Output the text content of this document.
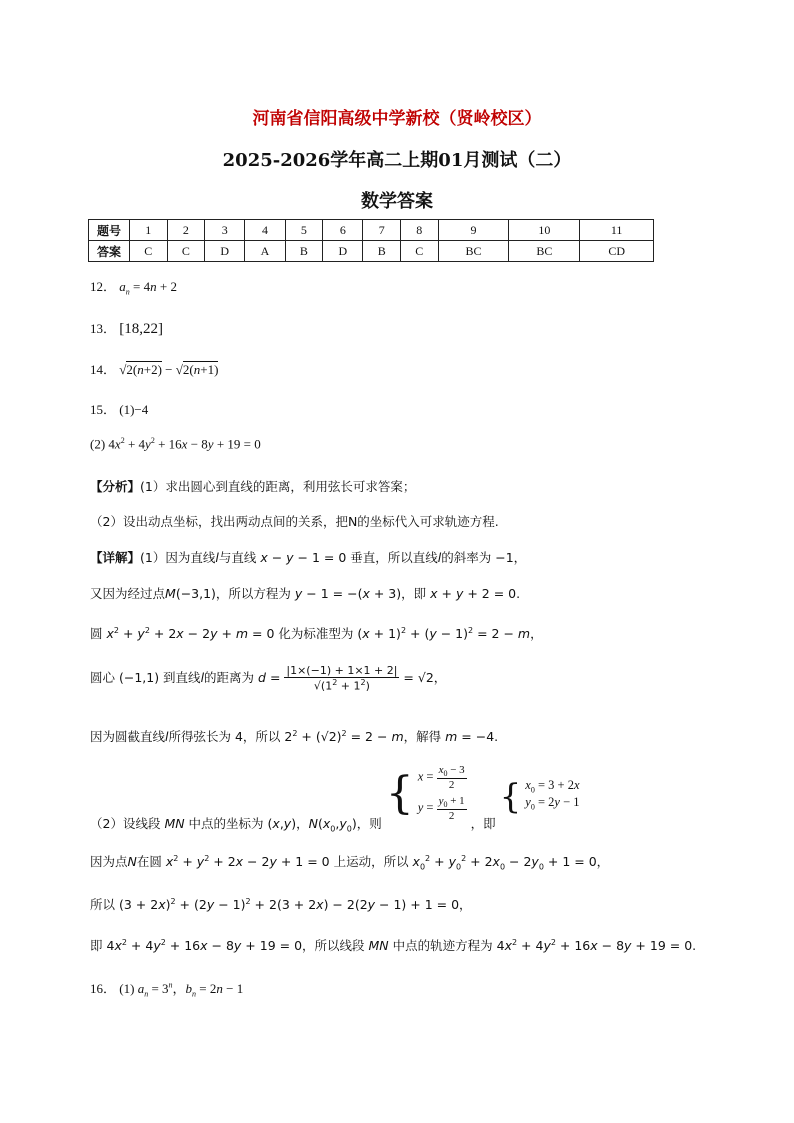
河南省信阳高级中学新校（贤岭校区）
2025-2026学年高二上期01月测试（二）
数学答案
题号	1	2	3	4	5	6	7	8	9	10	11
答案	C	C	D	A	B	D	B	C	BC	BC	CD
12． $a_n = 4n + 2$
13． [18,22]
14． √2(n+2) − √2(n+1)
15． (1)−4
(2) $4x^2 + 4y^2 + 16x - 8y + 19 = 0$
【分析】(1）求出圆心到直线的距离，利用弦长可求答案；
（2）设出动点坐标，找出两动点间的关系，把N的坐标代入可求轨迹方程.
【详解】(1）因为直线l与直线 x − y − 1 = 0 垂直，所以直线l的斜率为 −1，
又因为经过点M(−3,1)，所以方程为 y − 1 = −(x + 3)，即 x + y + 2 = 0.
圆 $x^2 + y^2 + 2x - 2y + m = 0$ 化为标准型为 $(x + 1)^2 + (y - 1)^2 = 2 - m$，
圆心 (−1,1) 到直线l的距离为 $d = \frac{|1\times(-1) + 1\times 1 + 2|}{√(1^2 + 1^2)} = √2$，
因为圆截直线l所得弦长为 4，所以 $2^2 + (√2)^2 = 2 - m$，解得 m = −4.
（2）设线段 MN 中点的坐标为 (x,y)，$N(x_0,y_0)$，则 { $x = \frac{x_0 - 3}{2}$
$y = \frac{y_0 + 1}{2}$
，即 { $x_0 = 3 + 2x$
$y_0 = 2y - 1$
因为点N在圆 $x^2 + y^2 + 2x - 2y + 1 = 0$ 上运动，所以 $x_0^2 + y_0^2 + 2x_0 - 2y_0 + 1 = 0$，
所以 $(3 + 2x)^2 + (2y - 1)^2 + 2(3 + 2x) - 2(2y - 1) + 1 = 0$，
即 $4x^2 + 4y^2 + 16x - 8y + 19 = 0$，所以线段 MN 中点的轨迹方程为 $4x^2 + 4y^2 + 16x - 8y + 19 = 0$.
16． (1) $a_n = 3^n$，$b_n = 2n - 1$
